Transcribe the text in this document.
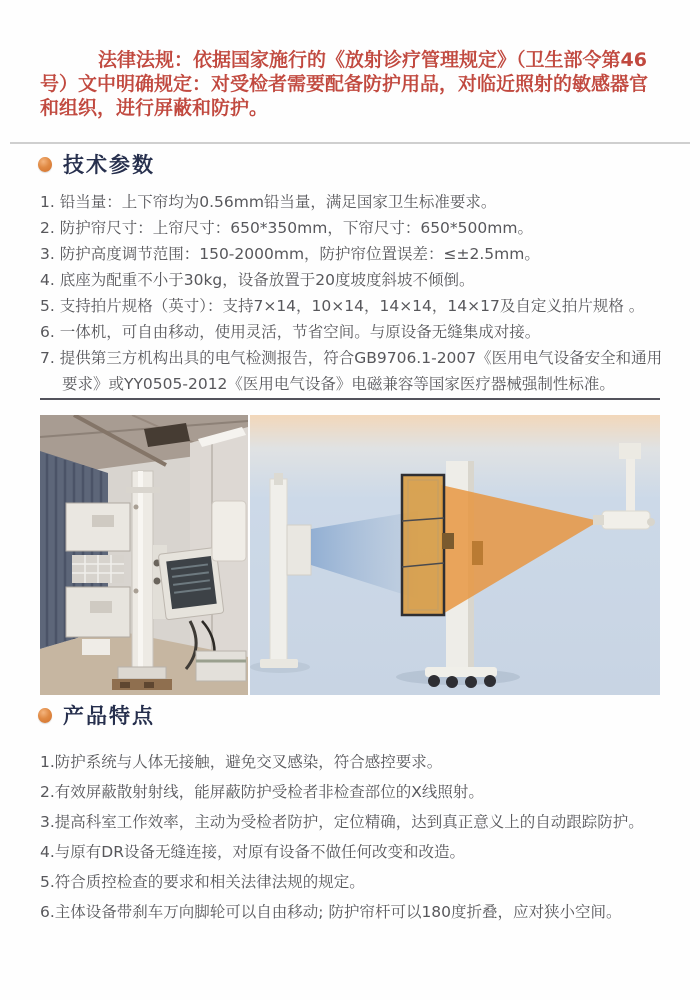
法律法规：依据国家施行的《放射诊疗管理规定》（卫生部令第46号）文中明确规定：对受检者需要配备防护用品，对临近照射的敏感器官和组织，进行屏蔽和防护。

技术参数
1. 铅当量：上下帘均为0.56mm铅当量，满足国家卫生标准要求。
2. 防护帘尺寸：上帘尺寸：650*350mm，下帘尺寸：650*500mm。
3. 防护高度调节范围：150-2000mm，防护帘位置误差：≤±2.5mm。
4. 底座为配重不小于30kg，设备放置于20度坡度斜坡不倾倒。
5. 支持拍片规格（英寸）：支持7×14，10×14，14×14，14×17及自定义拍片规格 。
6. 一体机，可自由移动，使用灵活，节省空间。与原设备无缝集成对接。
7. 提供第三方机构出具的电气检测报告，符合GB9706.1-2007《医用电气设备安全和通用要求》或YY0505-2012《医用电气设备》电磁兼容等国家医疗器械强制性标准。
产品特点
1.防护系统与人体无接触，避免交叉感染，符合感控要求。
2.有效屏蔽散射射线，能屏蔽防护受检者非检查部位的X线照射。
3.提高科室工作效率，主动为受检者防护，定位精确，达到真正意义上的自动跟踪防护。
4.与原有DR设备无缝连接，对原有设备不做任何改变和改造。
5.符合质控检查的要求和相关法律法规的规定。
6.主体设备带刹车万向脚轮可以自由移动; 防护帘杆可以180度折叠，应对狭小空间。
